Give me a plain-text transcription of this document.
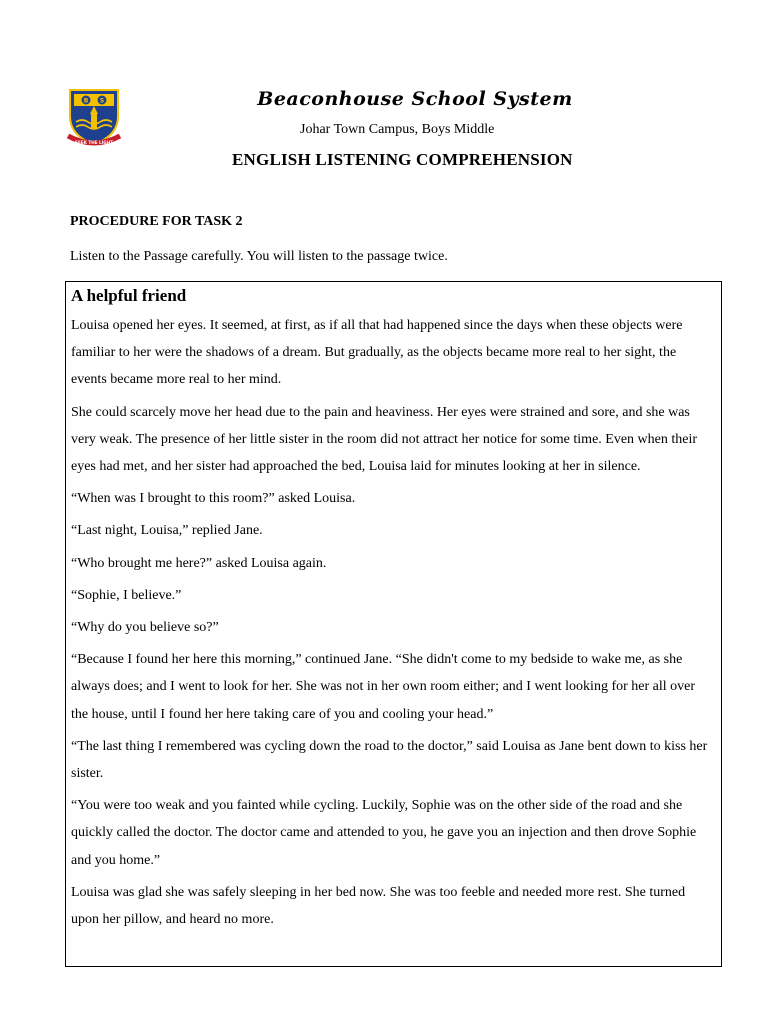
B S
SEEK THE LIGHT
Beaconhouse School System
Johar Town Campus, Boys Middle
ENGLISH LISTENING COMPREHENSION
PROCEDURE FOR TASK 2
Listen to the Passage carefully. You will listen to the passage twice.
A helpful friend

Louisa opened her eyes. It seemed, at first, as if all that had happened since the days when these objects were familiar to her were the shadows of a dream. But gradually, as the objects became more real to her sight, the events became more real to her mind.

She could scarcely move her head due to the pain and heaviness. Her eyes were strained and sore, and she was very weak. The presence of her little sister in the room did not attract her notice for some time. Even when their eyes had met, and her sister had approached the bed, Louisa laid for minutes looking at her in silence.

“When was I brought to this room?” asked Louisa.

“Last night, Louisa,” replied Jane.

“Who brought me here?” asked Louisa again.

“Sophie, I believe.”

“Why do you believe so?”

“Because I found her here this morning,” continued Jane. “She didn't come to my bedside to wake me, as she always does; and I went to look for her. She was not in her own room either; and I went looking for her all over the house, until I found her here taking care of you and cooling your head.”

“The last thing I remembered was cycling down the road to the doctor,” said Louisa as Jane bent down to kiss her sister.

“You were too weak and you fainted while cycling. Luckily, Sophie was on the other side of the road and she quickly called the doctor. The doctor came and attended to you, he gave you an injection and then drove Sophie and you home.”

Louisa was glad she was safely sleeping in her bed now. She was too feeble and needed more rest. She turned upon her pillow, and heard no more.
